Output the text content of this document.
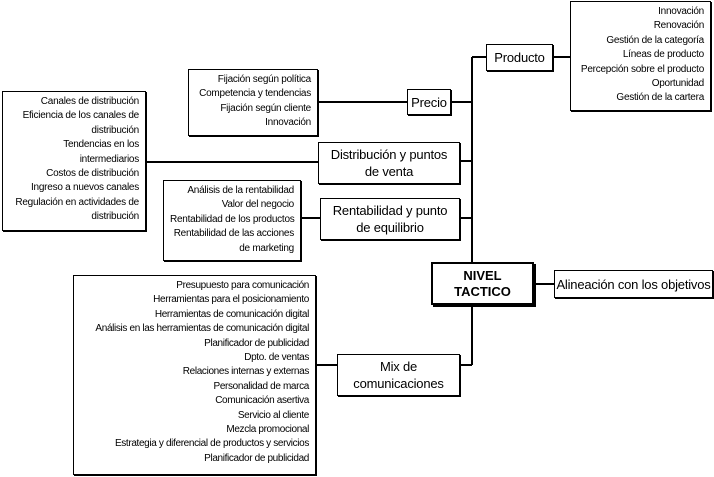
NIVEL
TACTICO	Alineación con los objetivos
Producto
Innovación
Renovación
Gestión de la categoría
Líneas de producto
Percepción sobre el producto
Oportunidad
Gestión de la cartera
Precio
Fijación según política
Competencia y tendencias
Fijación según cliente
Innovación
Distribución y puntos
de venta
Canales de distribución
Eficiencia de los canales de
distribución
Tendencias en los
intermediarios
Costos de distribución
Ingreso a nuevos canales
Regulación en actividades de
distribución	Rentabilidad y punto
de equilibrio
Análisis de la rentabilidad
Valor del negocio
Rentabilidad de los productos
Rentabilidad de las acciones
de marketing
Mix de
comunicaciones
Presupuesto para comunicación
Herramientas para el posicionamiento
Herramientas de comunicación digital
Análisis en las herramientas de comunicación digital
Planificador de publicidad
Dpto. de ventas
Relaciones internas y externas
Personalidad de marca
Comunicación asertiva
Servicio al cliente
Mezcla promocional
Estrategia y diferencial de productos y servicios
Planificador de publicidad
